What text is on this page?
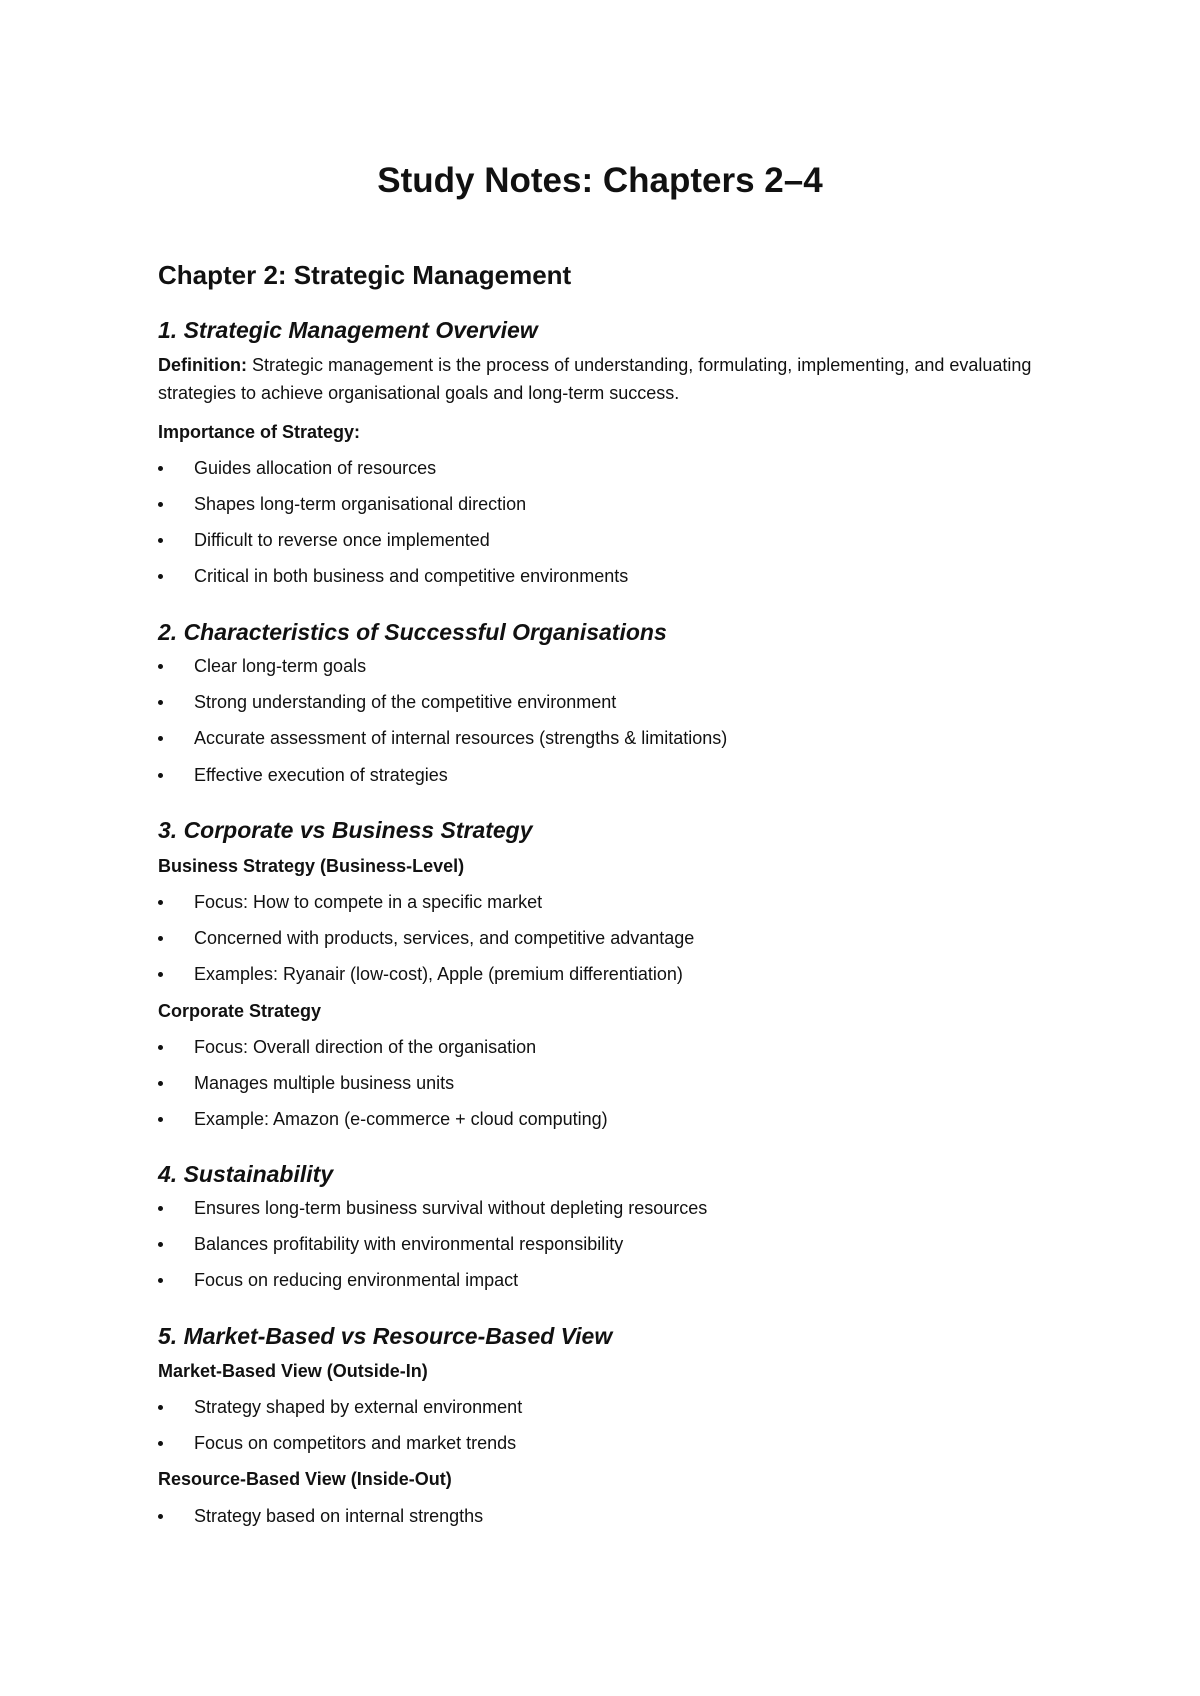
Study Notes: Chapters 2–4
Chapter 2: Strategic Management
1. Strategic Management Overview

Definition: Strategic management is the process of understanding, formulating, implementing, and evaluating strategies to achieve organisational goals and long-term success.

Importance of Strategy:
Guides allocation of resources
Shapes long-term organisational direction
Difficult to reverse once implemented
Critical in both business and competitive environments
2. Characteristics of Successful Organisations
Clear long-term goals
Strong understanding of the competitive environment
Accurate assessment of internal resources (strengths & limitations)
Effective execution of strategies
3. Corporate vs Business Strategy
Business Strategy (Business-Level)
Focus: How to compete in a specific market
Concerned with products, services, and competitive advantage
Examples: Ryanair (low-cost), Apple (premium differentiation)
Corporate Strategy
Focus: Overall direction of the organisation
Manages multiple business units
Example: Amazon (e-commerce + cloud computing)
4. Sustainability
Ensures long-term business survival without depleting resources
Balances profitability with environmental responsibility
Focus on reducing environmental impact
5. Market-Based vs Resource-Based View
Market-Based View (Outside-In)
Strategy shaped by external environment
Focus on competitors and market trends
Resource-Based View (Inside-Out)
Strategy based on internal strengths
